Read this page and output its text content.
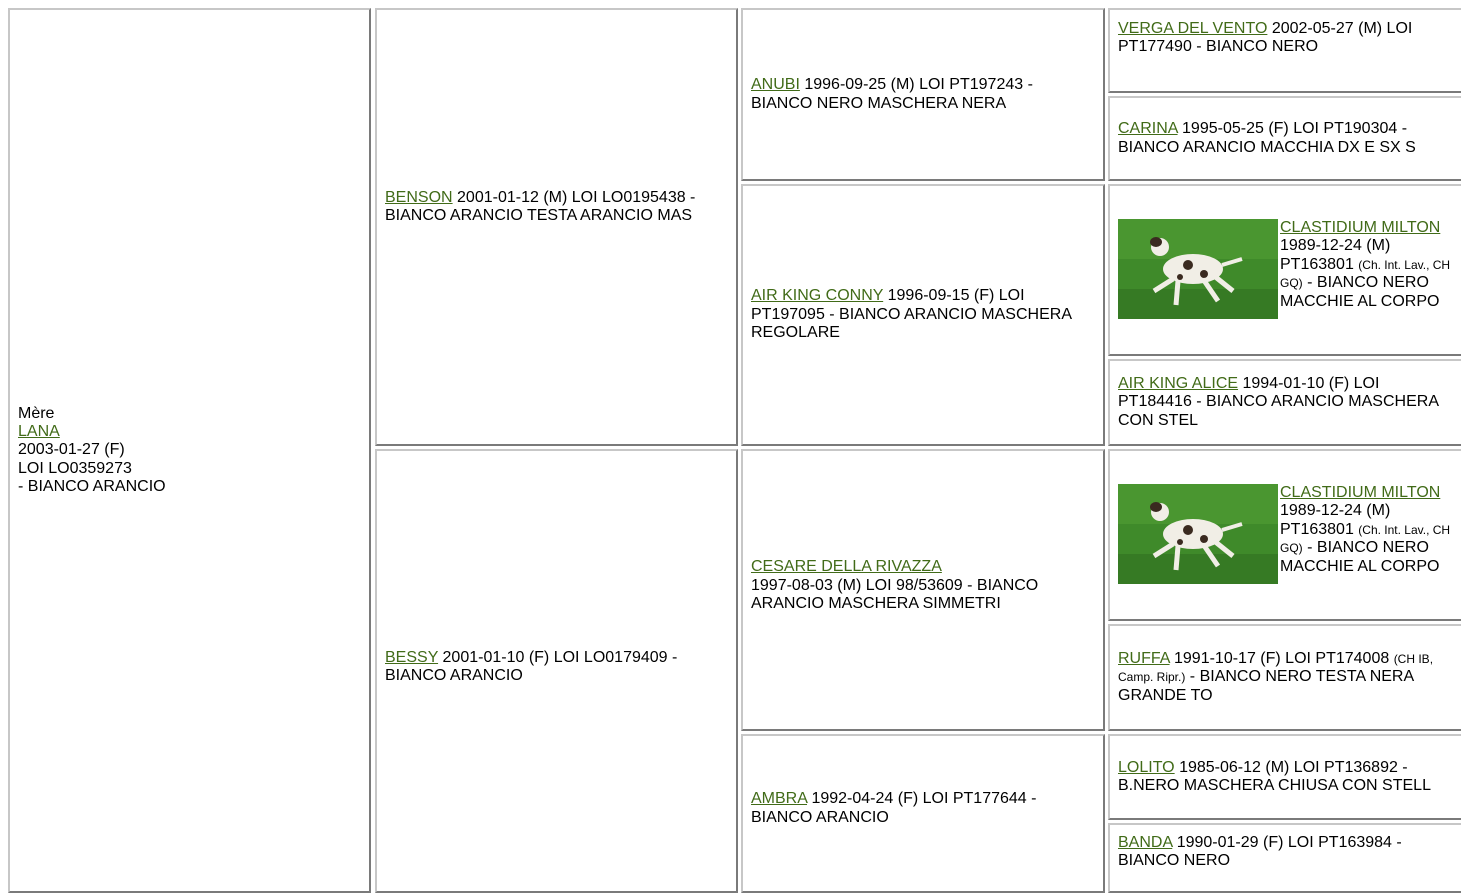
Mère
LANA
2003-01-27 (F)
LOI LO0359273
- BIANCO ARANCIO
BENSON 2001-01-12 (M) LOI LO0195438 - BIANCO ARANCIO TESTA ARANCIO MAS
BESSY 2001-01-10 (F) LOI LO0179409 - BIANCO ARANCIO
ANUBI 1996-09-25 (M) LOI PT197243 - BIANCO NERO MASCHERA NERA
AIR KING CONNY 1996-09-15 (F) LOI PT197095 - BIANCO ARANCIO MASCHERA REGOLARE
CESARE DELLA RIVAZZA
1997-08-03 (M) LOI 98/53609 - BIANCO ARANCIO MASCHERA SIMMETRI
AMBRA 1992-04-24 (F) LOI PT177644 - BIANCO ARANCIO
VERGA DEL VENTO 2002-05-27 (M) LOI PT177490 - BIANCO NERO
CARINA 1995-05-25 (F) LOI PT190304 - BIANCO ARANCIO MACCHIA DX E SX S
CLASTIDIUM MILTON 1989-12-24 (M) PT163801 (Ch. Int. Lav., CH GQ) - BIANCO NERO MACCHIE AL CORPO
AIR KING ALICE 1994-01-10 (F) LOI PT184416 - BIANCO ARANCIO MASCHERA CON STEL
CLASTIDIUM MILTON 1989-12-24 (M) PT163801 (Ch. Int. Lav., CH GQ) - BIANCO NERO MACCHIE AL CORPO
RUFFA 1991-10-17 (F) LOI PT174008 (CH IB, Camp. Ripr.) - BIANCO NERO TESTA NERA GRANDE TO
LOLITO 1985-06-12 (M) LOI PT136892 - B.NERO MASCHERA CHIUSA CON STELL
BANDA 1990-01-29 (F) LOI PT163984 - BIANCO NERO
